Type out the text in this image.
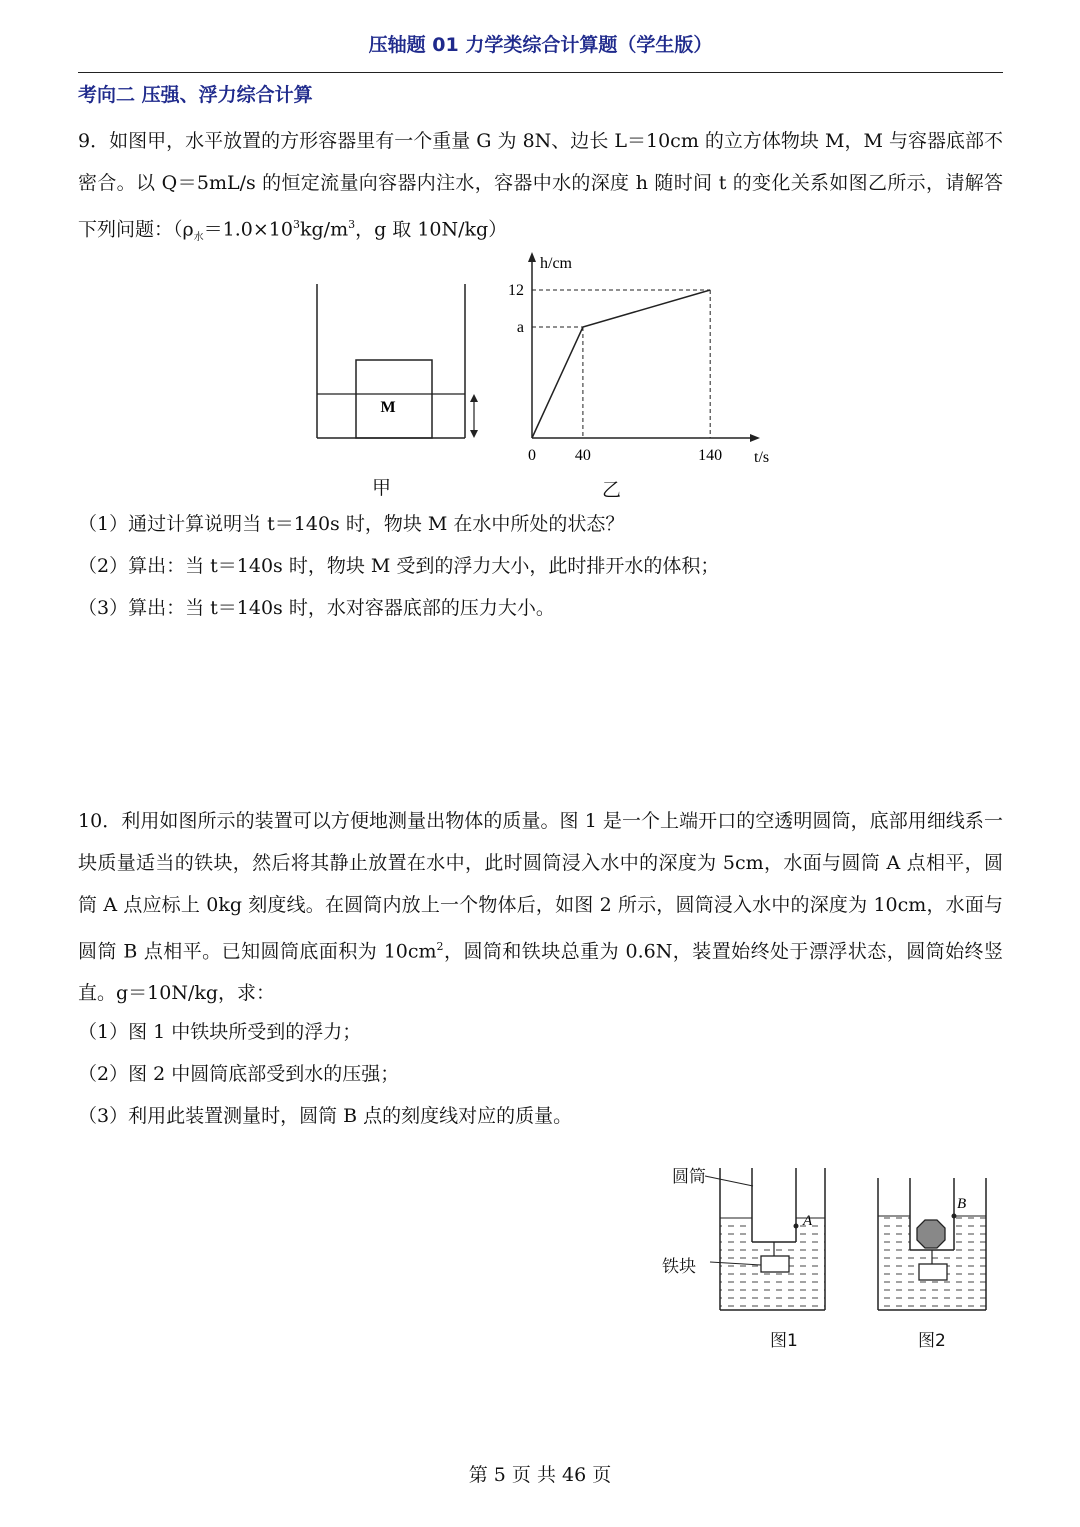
压轴题 01 力学类综合计算题（学生版）
考向二 压强、浮力综合计算
9．如图甲，水平放置的方形容器里有一个重量 G 为 8N、边长 L＝10cm 的立方体物块 M，M 与容器底部不密合。以 Q＝5mL/s 的恒定流量向容器内注水，容器中水的深度 h 随时间 t 的变化关系如图乙所示，请解答下列问题：（$\rho_水=1.0\times 10^3kg/m^3$，g 取 10N/kg）
M
甲
h/cm
t/s
0 40	140
a
12
乙
（1）通过计算说明当 t＝140s 时，物块 M 在水中所处的状态？
（2）算出：当 t＝140s 时，物块 M 受到的浮力大小，此时排开水的体积；
（3）算出：当 t＝140s 时，水对容器底部的压力大小。
10．利用如图所示的装置可以方便地测量出物体的质量。图 1 是一个上端开口的空透明圆筒，底部用细线系一块质量适当的铁块，然后将其静止放置在水中，此时圆筒浸入水中的深度为 5cm，水面与圆筒 A 点相平，圆筒 A 点应标上 0kg 刻度线。在圆筒内放上一个物体后，如图 2 所示，圆筒浸入水中的深度为 10cm，水面与圆筒 B 点相平。已知圆筒底面积为 $10cm^2$，圆筒和铁块总重为 0.6N，装置始终处于漂浮状态，圆筒始终竖直。g＝10N/kg，求：
（1）图 1 中铁块所受到的浮力；
（2）图 2 中圆筒底部受到水的压强；
（3）利用此装置测量时，圆筒 B 点的刻度线对应的质量。
A
B
圆筒
铁块
图1	图2
第 5 页 共 46 页
